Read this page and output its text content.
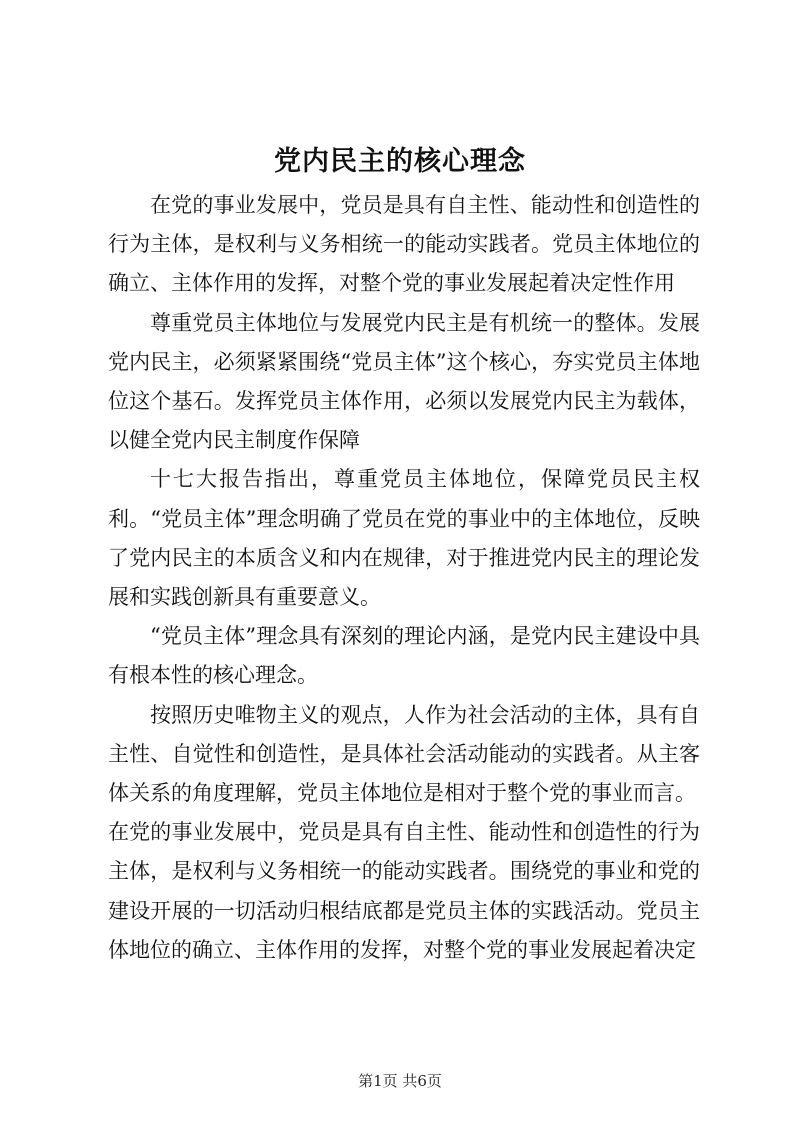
党内民主的核心理念

在党的事业发展中，党员是具有自主性、能动性和创造性的行为主体，是权利与义务相统一的能动实践者。党员主体地位的确立、主体作用的发挥，对整个党的事业发展起着决定性作用

尊重党员主体地位与发展党内民主是有机统一的整体。发展党内民主，必须紧紧围绕“党员主体”这个核心，夯实党员主体地位这个基石。发挥党员主体作用，必须以发展党内民主为载体，以健全党内民主制度作保障

十七大报告指出，尊重党员主体地位，保障党员民主权利。“党员主体”理念明确了党员在党的事业中的主体地位，反映了党内民主的本质含义和内在规律，对于推进党内民主的理论发展和实践创新具有重要意义。

“党员主体”理念具有深刻的理论内涵，是党内民主建设中具有根本性的核心理念。

按照历史唯物主义的观点，人作为社会活动的主体，具有自主性、自觉性和创造性，是具体社会活动能动的实践者。从主客体关系的角度理解，党员主体地位是相对于整个党的事业而言。

在党的事业发展中，党员是具有自主性、能动性和创造性的行为主体，是权利与义务相统一的能动实践者。围绕党的事业和党的建设开展的一切活动归根结底都是党员主体的实践活动。党员主体地位的确立、主体作用的发挥，对整个党的事业发展起着决定

第1页 共6页
